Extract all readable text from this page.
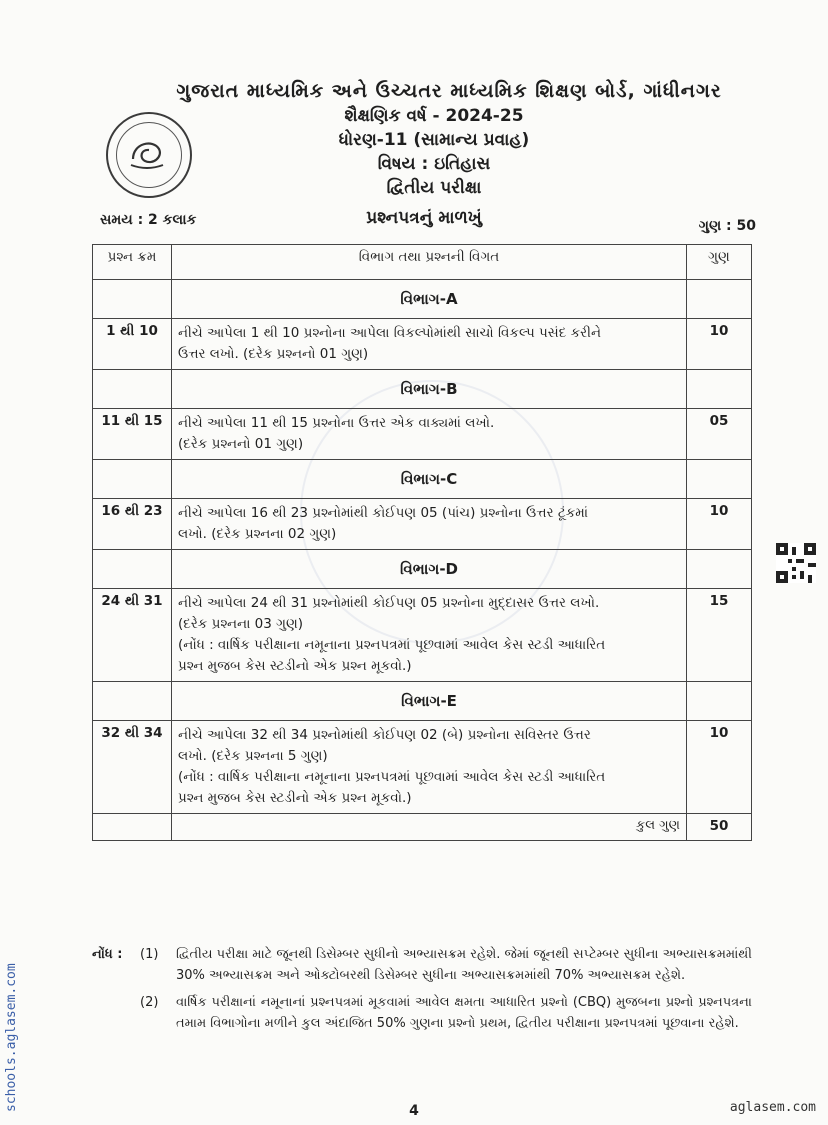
ગુજરાત માધ્યમિક અને ઉચ્ચતર માધ્યમિક શિક્ષણ બોર્ડ, ગાંધીનગર
શૈક્ષણિક વર્ષ - 2024-25
ધોરણ-11 (સામાન્ય પ્રવાહ)
વિષય : ઇતિહાસ
દ્વિતીય પરીક્ષા
સમય : 2 કલાક	પ્રશ્નપત્રનું માળખું	ગુણ : 50
પ્રશ્ન ક્રમ	વિભાગ તથા પ્રશ્નની વિગત	ગુણ
	વિભાગ-A	
1 થી 10	નીચે આપેલા 1 થી 10 પ્રશ્નોના આપેલા વિકલ્પોમાંથી સાચો વિકલ્પ પસંદ કરીને
ઉત્તર લખો. (દરેક પ્રશ્નનો 01 ગુણ)	10
	વિભાગ-B	
11 થી 15	નીચે આપેલા 11 થી 15 પ્રશ્નોના ઉત્તર એક વાક્યમાં લખો.
(દરેક પ્રશ્નનો 01 ગુણ)	05
	વિભાગ-C	
16 થી 23	નીચે આપેલા 16 થી 23 પ્રશ્નોમાંથી કોઈપણ 05 (પાંચ) પ્રશ્નોના ઉત્તર ટૂંકમાં
લખો. (દરેક પ્રશ્નના 02 ગુણ)	10
	વિભાગ-D	
24 થી 31	નીચે આપેલા 24 થી 31 પ્રશ્નોમાંથી કોઈપણ 05 પ્રશ્નોના મુદ્દાસર ઉત્તર લખો.
(દરેક પ્રશ્નના 03 ગુણ)
(નોંધ : વાર્ષિક પરીક્ષાના નમૂનાના પ્રશ્નપત્રમાં પૂછવામાં આવેલ કેસ સ્ટડી આધારિત
પ્રશ્ન મુજબ કેસ સ્ટડીનો એક પ્રશ્ન મૂકવો.)	15
	વિભાગ-E	
32 થી 34	નીચે આપેલા 32 થી 34 પ્રશ્નોમાંથી કોઈપણ 02 (બે) પ્રશ્નોના સવિસ્તર ઉત્તર
લખો. (દરેક પ્રશ્નના 5 ગુણ)
(નોંધ : વાર્ષિક પરીક્ષાના નમૂનાના પ્રશ્નપત્રમાં પૂછવામાં આવેલ કેસ સ્ટડી આધારિત
પ્રશ્ન મુજબ કેસ સ્ટડીનો એક પ્રશ્ન મૂકવો.)	10
	કુલ ગુણ	50
નોંધ :	(1)	દ્વિતીય પરીક્ષા માટે જૂનથી ડિસેમ્બર સુધીનો અભ્યાસક્રમ રહેશે. જેમાં જૂનથી સપ્ટેમ્બર સુધીના અભ્યાસક્રમમાંથી 30% અભ્યાસક્રમ અને ઓક્ટોબરથી ડિસેમ્બર સુધીના અભ્યાસક્રમમાંથી 70% અભ્યાસક્રમ રહેશે.
(2)	વાર્ષિક પરીક્ષાનાં નમૂનાનાં પ્રશ્નપત્રમાં મૂકવામાં આવેલ ક્ષમતા આધારિત પ્રશ્નો (CBQ) મુજબના પ્રશ્નો પ્રશ્નપત્રના તમામ વિભાગોના મળીને કુલ અંદાજિત 50% ગુણના પ્રશ્નો પ્રથમ, દ્વિતીય પરીક્ષાના પ્રશ્નપત્રમાં પૂછવાના રહેશે.
4	aglasem.com
schools.aglasem.com
